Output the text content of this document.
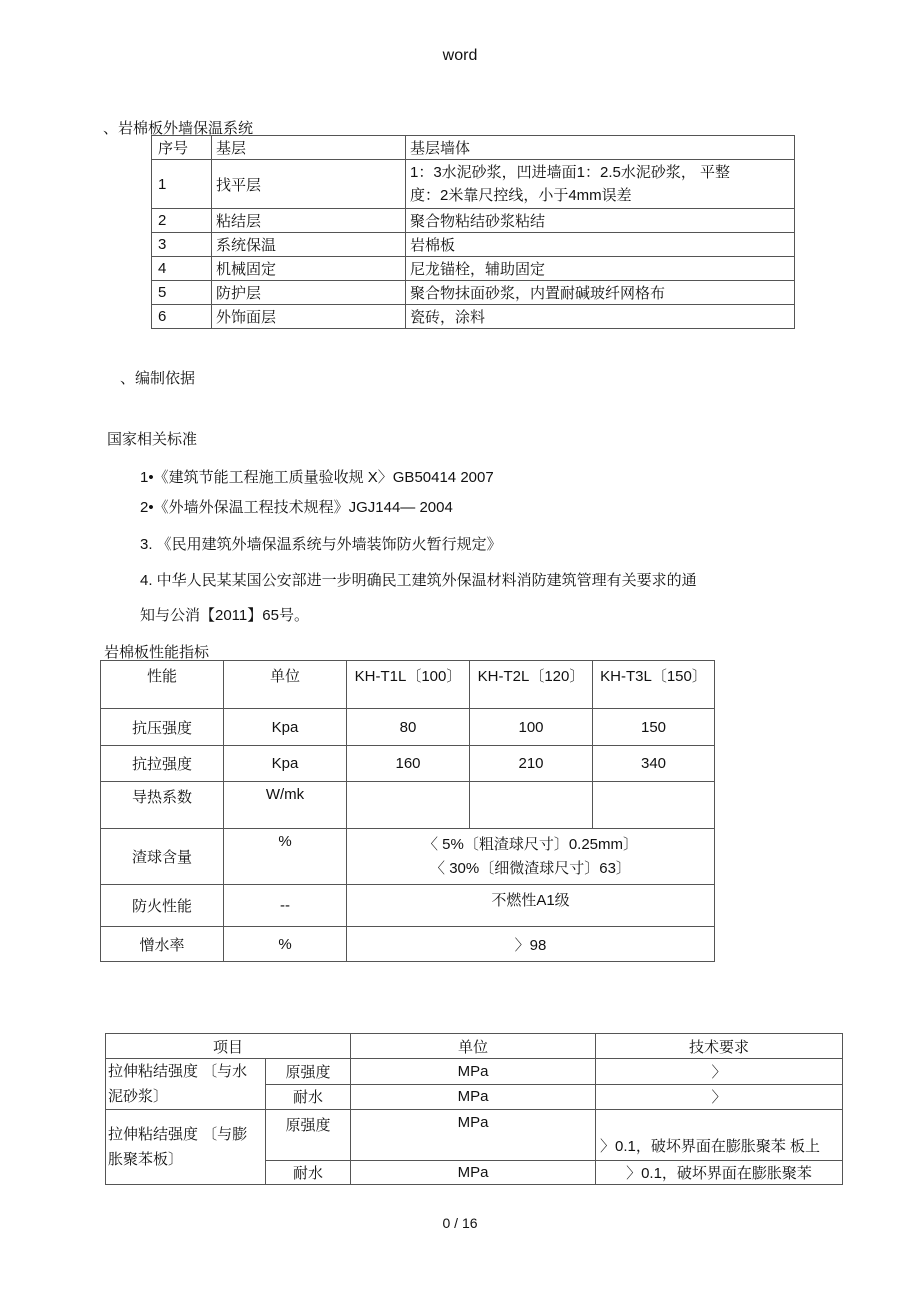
word
、岩棉板外墙保温系统
序号	基层	基层墙体
1	找平层	1：3水泥砂浆，凹进墙面1：2.5水泥砂浆， 平整
度：2米靠尺控线，小于4mm误差

2	粘结层	聚合物粘结砂浆粘结
3	系统保温	岩棉板
4	机械固定	尼龙锚栓，辅助固定
5	防护层	聚合物抹面砂浆，内置耐碱玻纤网格布
6	外饰面层	瓷砖，涂料
、编制依据
国家相关标准
1•《建筑节能工程施工质量验收规 X〉GB50414 2007
2•《外墙外保温工程技术规程》JGJ144— 2004
3. 《民用建筑外墙保温系统与外墙装饰防火暂行规定》
4. 中华人民某某国公安部进一步明确民工建筑外保温材料消防建筑管理有关要求的通
知与公消【2011】65号。
岩棉板性能指标
性能	单位	KH-T1L〔100〕	KH-T2L〔120〕	KH-T3L〔150〕
抗压强度	Kpa	80	100	150
抗拉强度	Kpa	160	210	340
导热系数	W/mk			
渣球含量	%	〈 5%〔粗渣球尺寸〕0.25mm〕
〈 30%〔细微渣球尺寸〕63〕		

防火性能	--	不燃性A1级		
憎水率	%	〉98		
项目		单位	技术要求

拉伸粘结强度 〔与水
泥砂浆〕	原强度	MPa	〉
	耐水	MPa	〉

拉伸粘结强度 〔与膨
胀聚苯板〕	原强度	MPa	〉0.1，破坏界面在膨胀聚苯 板上
	耐水	MPa	〉0.1，破坏界面在膨胀聚苯
0 / 16
